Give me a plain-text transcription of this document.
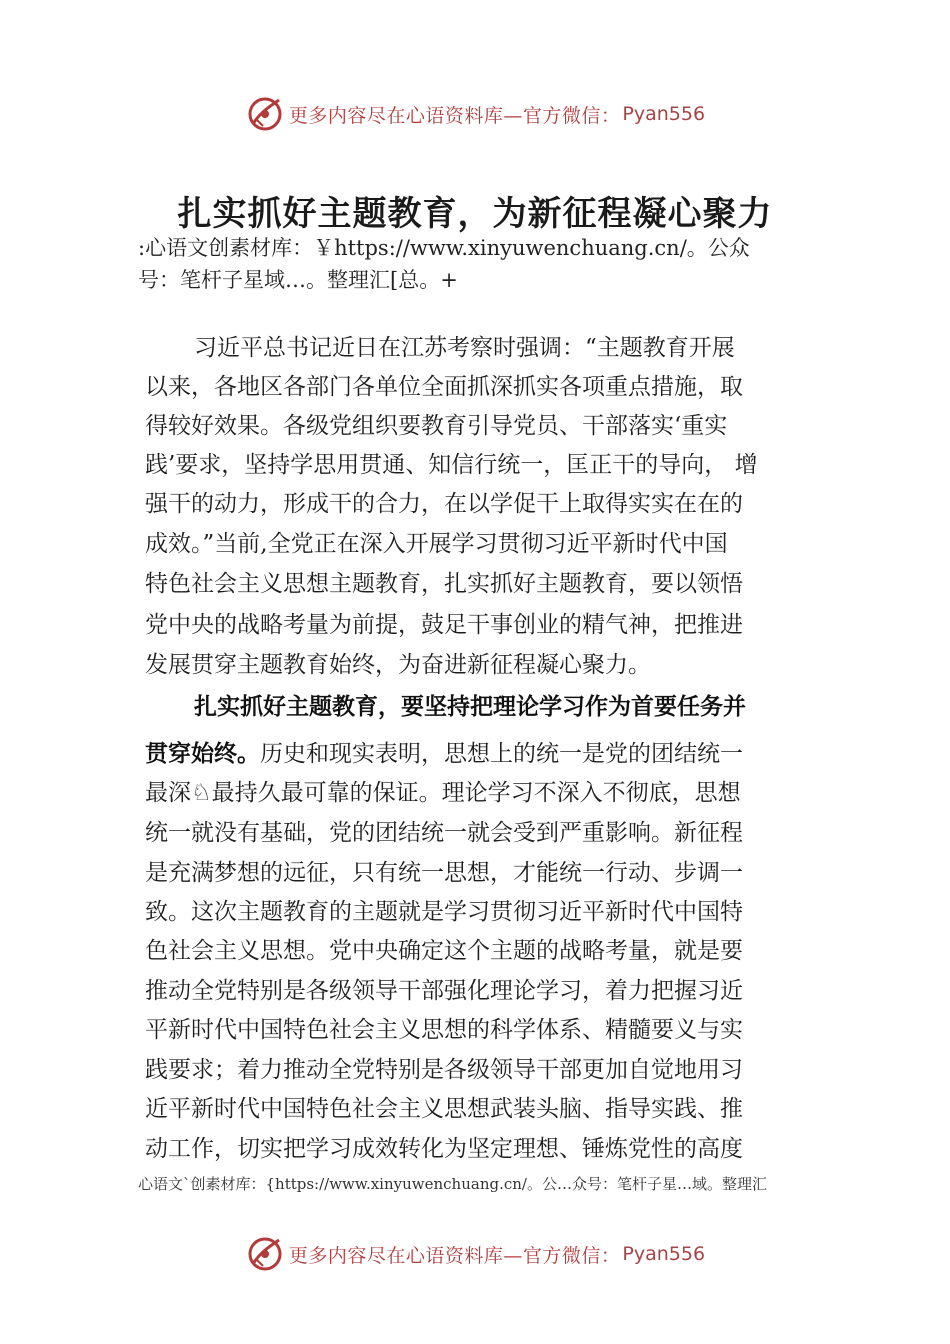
更多内容尽在心语资料库—官方微信： Pyan556
扎实抓好主题教育，为新征程凝心聚力
:心语文创素材库：￥https://www.xinyuwenchuang.cn/。公众
号：笔杆子星域…。整理汇[总。+
习近平总书记近日在江苏考察时强调：“主题教育开展
以来，各地区各部门各单位全面抓深抓实各项重点措施，取
得较好效果。各级党组织要教育引导党员、干部落实‘重实
践’要求，坚持学思用贯通、知信行统一，匡正干的导向， 增
强干的动力，形成干的合力，在以学促干上取得实实在在的
成效。”当前,全党正在深入开展学习贯彻习近平新时代中国
特色社会主义思想主题教育，扎实抓好主题教育，要以领悟
党中央的战略考量为前提，鼓足干事创业的精气神，把推进
发展贯穿主题教育始终，为奋进新征程凝心聚力。
扎实抓好主题教育，要坚持把理论学习作为首要任务并
贯穿始终。历史和现实表明，思想上的统一是党的团结统一
最深♘最持久最可靠的保证。理论学习不深入不彻底，思想
统一就没有基础，党的团结统一就会受到严重影响。新征程
是充满梦想的远征，只有统一思想，才能统一行动、步调一
致。这次主题教育的主题就是学习贯彻习近平新时代中国特
色社会主义思想。党中央确定这个主题的战略考量，就是要
推动全党特别是各级领导干部强化理论学习，着力把握习近
平新时代中国特色社会主义思想的科学体系、精髓要义与实
践要求；着力推动全党特别是各级领导干部更加自觉地用习
近平新时代中国特色社会主义思想武装头脑、指导实践、推
动工作，切实把学习成效转化为坚定理想、锤炼党性的高度
心语文`创素材库：{https://www.xinyuwenchuang.cn/。公…众号：笔杆子星…域。整理汇
更多内容尽在心语资料库—官方微信： Pyan556
